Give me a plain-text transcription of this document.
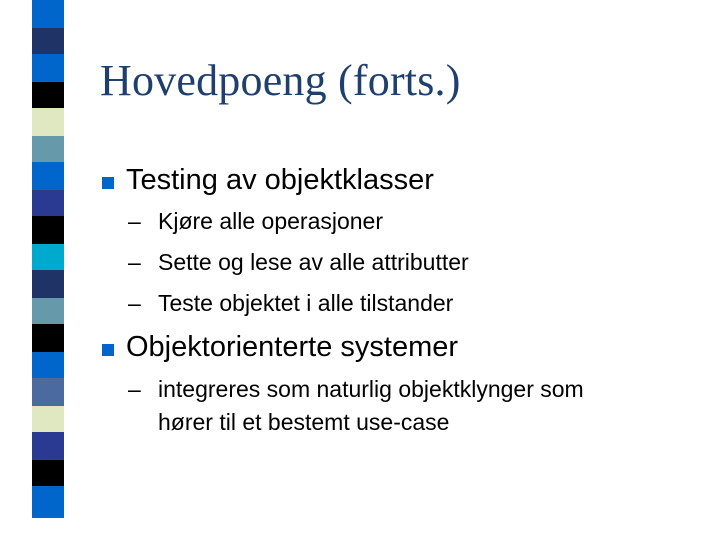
Hovedpoeng (forts.)
Testing av objektklasser
– Kjøre alle operasjoner
– Sette og lese av alle attributter
– Teste objektet i alle tilstander
Objektorienterte systemer
– integreres som naturlig objektklynger som
hører til et bestemt use-case
